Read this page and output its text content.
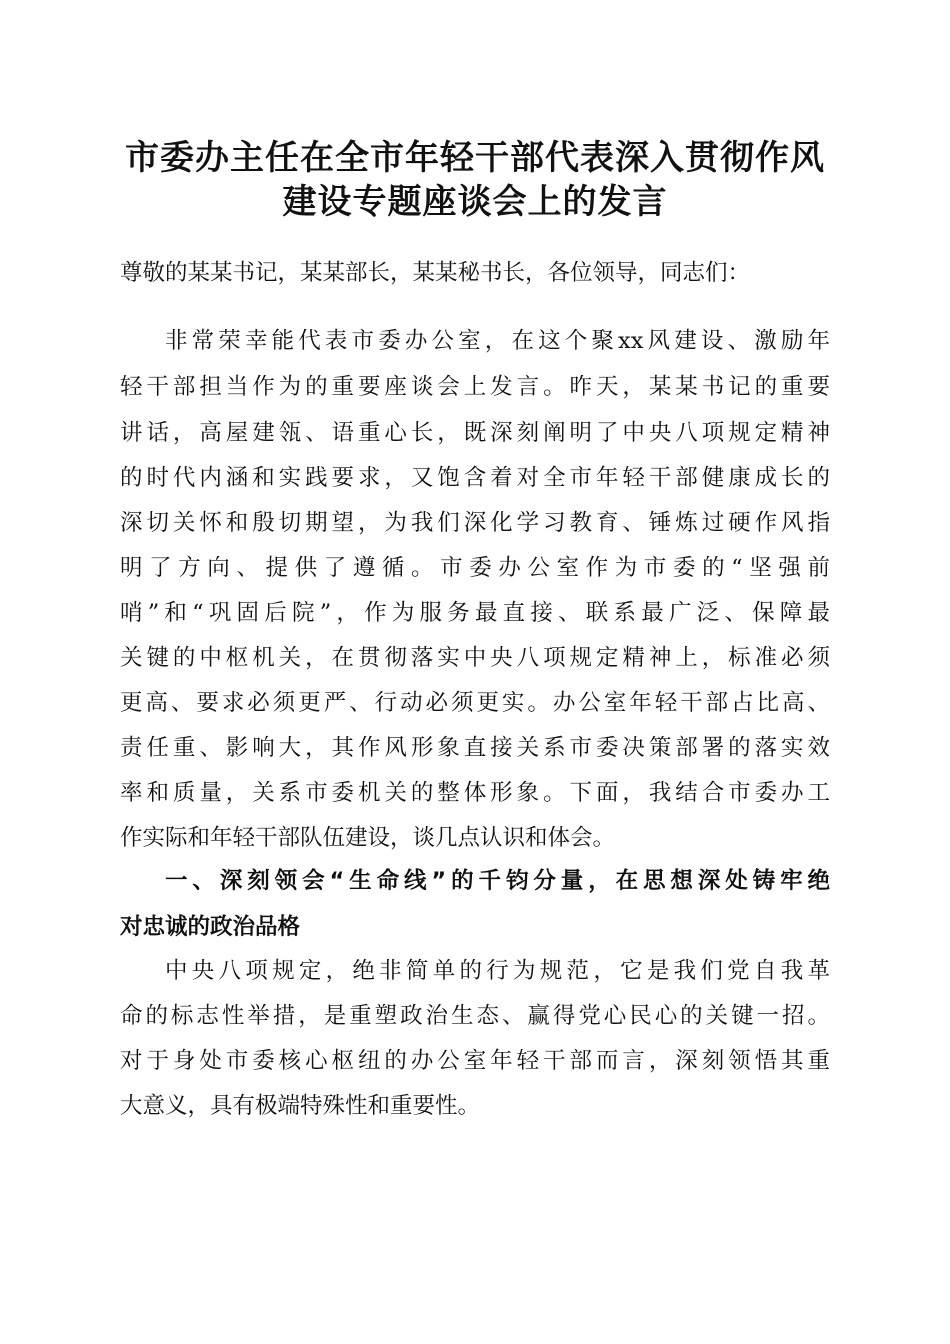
市委办主任在全市年轻干部代表深入贯彻作风
建设专题座谈会上的发言
尊敬的某某书记，某某部长，某某秘书长，各位领导，同志们：
非常荣幸能代表市委办公室，在这个聚xx风建设、激励年
轻干部担当作为的重要座谈会上发言。昨天，某某书记的重要
讲话，高屋建瓴、语重心长，既深刻阐明了中央八项规定精神
的时代内涵和实践要求，又饱含着对全市年轻干部健康成长的
深切关怀和殷切期望，为我们深化学习教育、锤炼过硬作风指
明了方向、提供了遵循。市委办公室作为市委的“坚强前
哨”和“巩固后院”，作为服务最直接、联系最广泛、保障最
关键的中枢机关，在贯彻落实中央八项规定精神上，标准必须
更高、要求必须更严、行动必须更实。办公室年轻干部占比高、
责任重、影响大，其作风形象直接关系市委决策部署的落实效
率和质量，关系市委机关的整体形象。下面，我结合市委办工
作实际和年轻干部队伍建设，谈几点认识和体会。
一、深刻领会“生命线”的千钧分量，在思想深处铸牢绝
对忠诚的政治品格
中央八项规定，绝非简单的行为规范，它是我们党自我革
命的标志性举措，是重塑政治生态、赢得党心民心的关键一招。
对于身处市委核心枢纽的办公室年轻干部而言，深刻领悟其重
大意义，具有极端特殊性和重要性。
